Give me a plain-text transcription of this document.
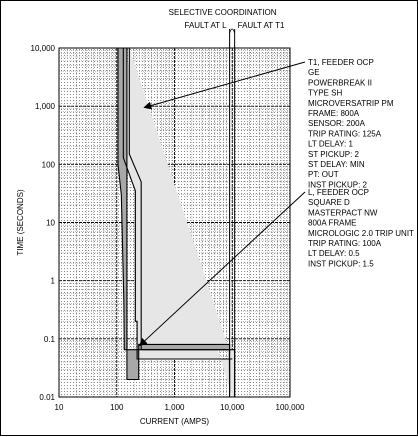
SELECTIVE COORDINATION
FAULT AT L FAULT AT T1
10	100	1,000	10,000	100,000
0.01
0.1
1
10
100
1,000
10,000
CURRENT (AMPS)
TIME (SECONDS)
T1, FEEDER OCP
GE
POWERBREAK II
TYPE SH
MICROVERSATRIP PM
FRAME: 800A
SENSOR: 200A
TRIP RATING: 125A
LT DELAY: 1
ST PICKUP: 2
ST DELAY: MIN
PT: OUT
INST PICKUP: 2
L, FEEDER OCP
SQUARE D
MASTERPACT NW
800A FRAME
MICROLOGIC 2.0 TRIP UNIT
TRIP RATING: 100A
LT DELAY: 0.5
INST PICKUP: 1.5
